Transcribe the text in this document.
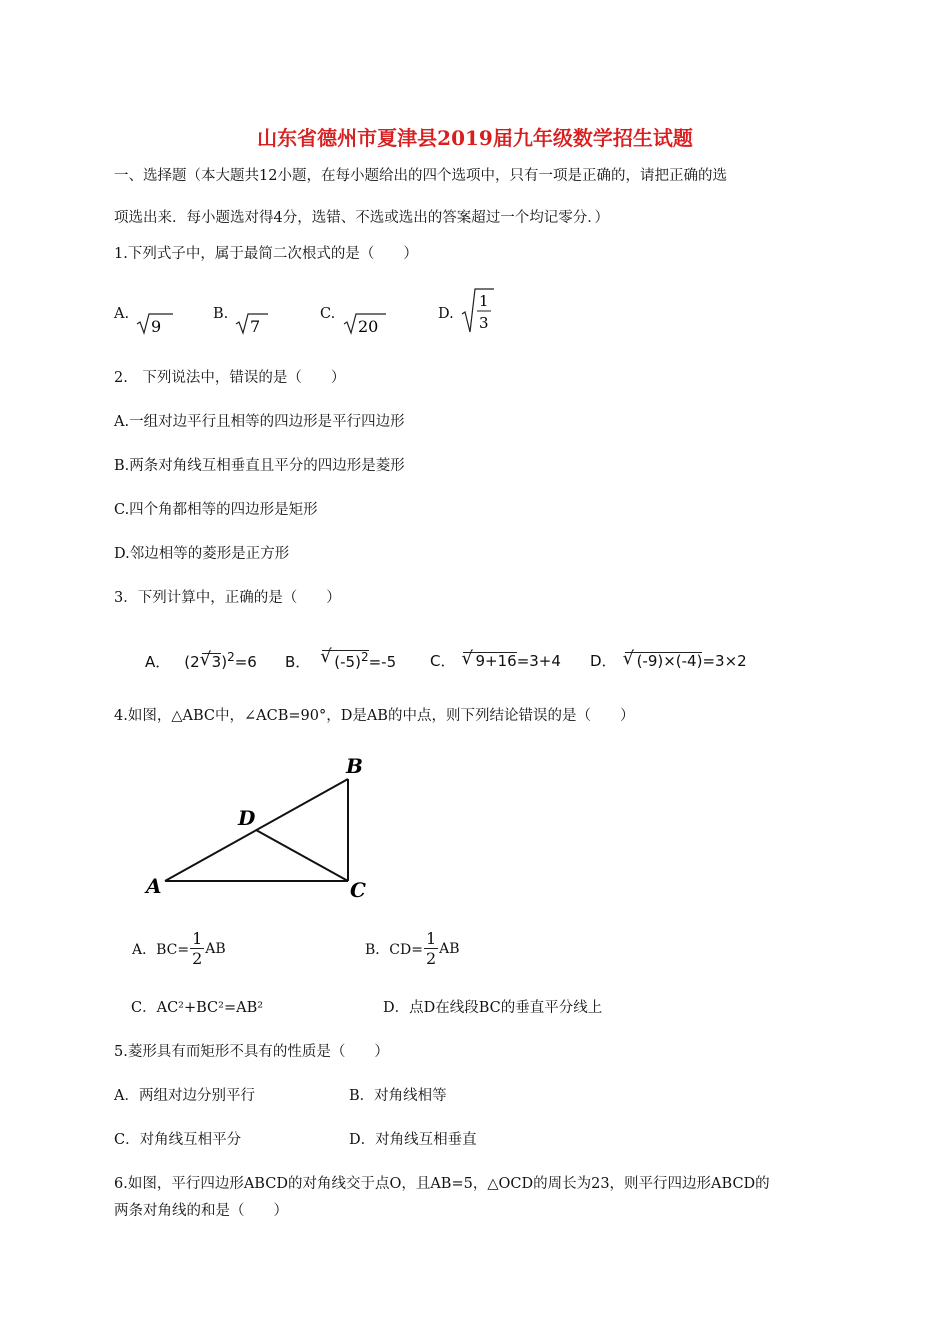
山东省德州市夏津县2019届九年级数学招生试题
一、选择题（本大题共12小题，在每小题给出的四个选项中，只有一项是正确的，请把正确的选
项选出来．每小题选对得4分，选错、不选或选出的答案超过一个均记零分．）
1.下列式子中，属于最简二次根式的是（　　）
A.
9
B.
7
C.
20
D.
1
3
2.　下列说法中，错误的是（　　）
A.一组对边平行且相等的四边形是平行四边形
B.两条对角线互相垂直且平分的四边形是菱形
C.四个角都相等的四边形是矩形
D.邻边相等的菱形是正方形
3．下列计算中，正确的是（　　）
A． (2 √ 3)$^2$=6 B． √ $(-5)^2=-5$ C． √ 9+16=3+4 D． √ (-9)×(-4)=3×2
4.如图，△ABC中，∠ACB=90°，D是AB的中点，则下列结论错误的是（　　）
A
B
C
D
A．$BC= \frac{1}{2}$ AB	B．$CD= \frac{1}{2}$ AB
C．AC²+BC²=AB²	D．点D在线段BC的垂直平分线上
5.菱形具有而矩形不具有的性质是（　　）
A．两组对边分别平行	B．对角线相等
C．对角线互相平分	D．对角线互相垂直
6.如图，平行四边形ABCD的对角线交于点O，且AB=5，△OCD的周长为23，则平行四边形ABCD的
两条对角线的和是（　　）
